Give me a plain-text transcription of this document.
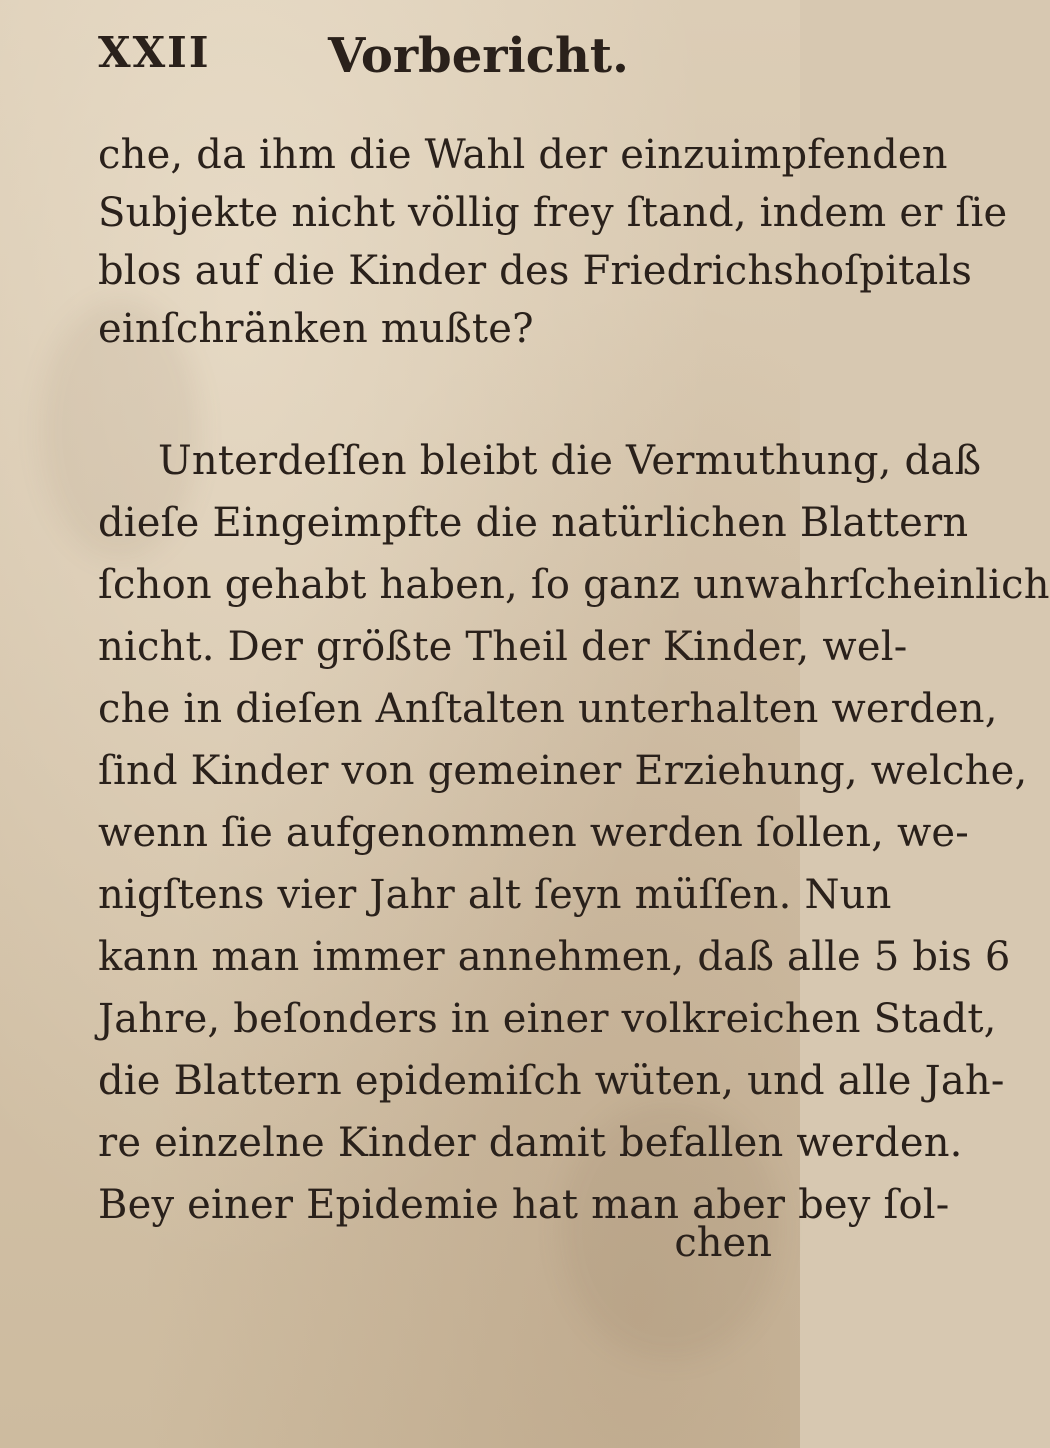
XXII Vorbericht.
che, da ihm die Wahl der einzuimpfenden
Subjekte nicht völlig frey ſtand, indem er ſie
blos auf die Kinder des Friedrichshoſpitals
einſchränken mußte?
Unterdeſſen bleibt die Vermuthung, daß
dieſe Eingeimpfte die natürlichen Blattern
ſchon gehabt haben, ſo ganz unwahrſcheinlich
nicht. Der größte Theil der Kinder, wel-
che in dieſen Anſtalten unterhalten werden,
ſind Kinder von gemeiner Erziehung, welche,
wenn ſie aufgenommen werden ſollen, we-
nigſtens vier Jahr alt ſeyn müſſen. Nun
kann man immer annehmen, daß alle 5 bis 6
Jahre, beſonders in einer volkreichen Stadt,
die Blattern epidemiſch wüten, und alle Jah-
re einzelne Kinder damit befallen werden.
Bey einer Epidemie hat man aber bey ſol-
chen
